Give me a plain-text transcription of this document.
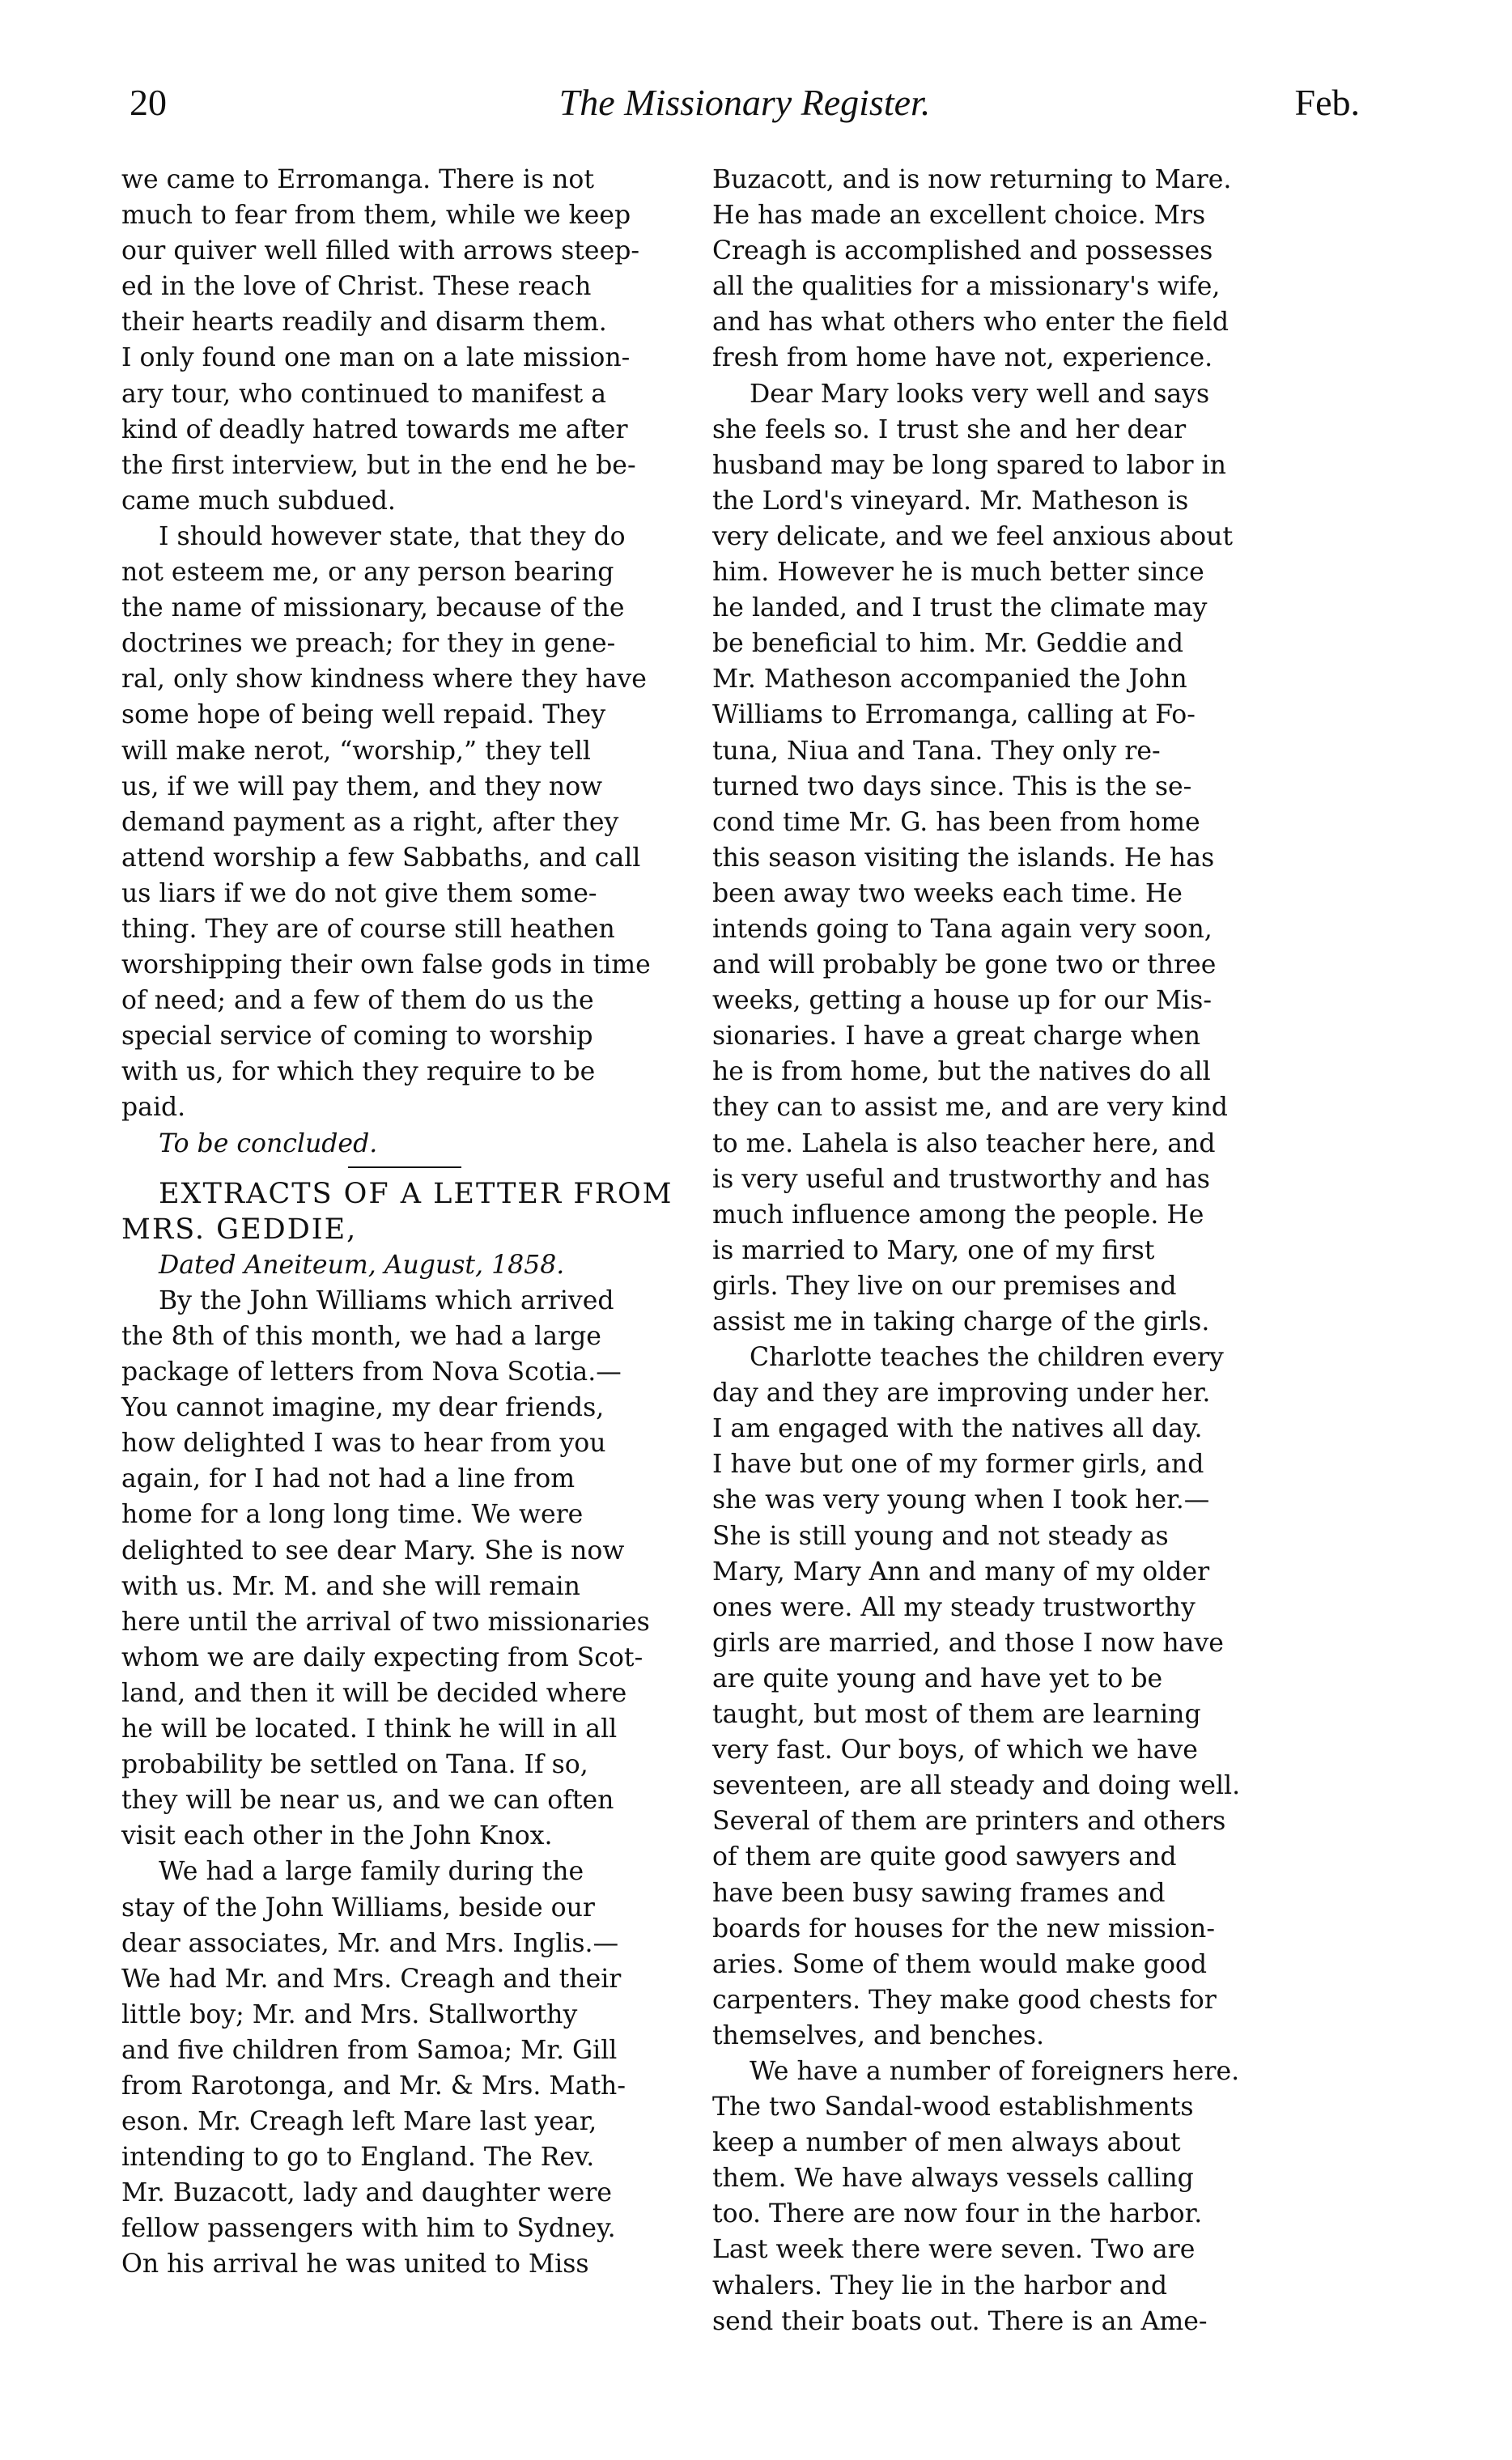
20	The Missionary Register.	Feb.

we came to Erromanga. There is not
much to fear from them, while we keep
our quiver well filled with arrows steep-
ed in the love of Christ. These reach
their hearts readily and disarm them.
I only found one man on a late mission-
ary tour, who continued to manifest a
kind of deadly hatred towards me after
the first interview, but in the end he be-
came much subdued.

I should however state, that they do
not esteem me, or any person bearing
the name of missionary, because of the
doctrines we preach; for they in gene-
ral, only show kindness where they have
some hope of being well repaid. They
will make nerot, “worship,” they tell
us, if we will pay them, and they now
demand payment as a right, after they
attend worship a few Sabbaths, and call
us liars if we do not give them some-
thing. They are of course still heathen
worshipping their own false gods in time
of need; and a few of them do us the
special service of coming to worship
with us, for which they require to be
paid.

To be concluded.

EXTRACTS OF A LETTER FROM
MRS. GEDDIE,

Dated Aneiteum, August, 1858.

By the John Williams which arrived
the 8th of this month, we had a large
package of letters from Nova Scotia.—
You cannot imagine, my dear friends,
how delighted I was to hear from you
again, for I had not had a line from
home for a long long time. We were
delighted to see dear Mary. She is now
with us. Mr. M. and she will remain
here until the arrival of two missionaries
whom we are daily expecting from Scot-
land, and then it will be decided where
he will be located. I think he will in all
probability be settled on Tana. If so,
they will be near us, and we can often
visit each other in the John Knox.

We had a large family during the
stay of the John Williams, beside our
dear associates, Mr. and Mrs. Inglis.—
We had Mr. and Mrs. Creagh and their
little boy; Mr. and Mrs. Stallworthy
and five children from Samoa; Mr. Gill
from Rarotonga, and Mr. & Mrs. Math-
eson. Mr. Creagh left Mare last year,
intending to go to England. The Rev.
Mr. Buzacott, lady and daughter were
fellow passengers with him to Sydney.
On his arrival he was united to Miss

Buzacott, and is now returning to Mare.
He has made an excellent choice. Mrs
Creagh is accomplished and possesses
all the qualities for a missionary's wife,
and has what others who enter the field
fresh from home have not, experience.

Dear Mary looks very well and says
she feels so. I trust she and her dear
husband may be long spared to labor in
the Lord's vineyard. Mr. Matheson is
very delicate, and we feel anxious about
him. However he is much better since
he landed, and I trust the climate may
be beneficial to him. Mr. Geddie and
Mr. Matheson accompanied the John
Williams to Erromanga, calling at Fo-
tuna, Niua and Tana. They only re-
turned two days since. This is the se-
cond time Mr. G. has been from home
this season visiting the islands. He has
been away two weeks each time. He
intends going to Tana again very soon,
and will probably be gone two or three
weeks, getting a house up for our Mis-
sionaries. I have a great charge when
he is from home, but the natives do all
they can to assist me, and are very kind
to me. Lahela is also teacher here, and
is very useful and trustworthy and has
much influence among the people. He
is married to Mary, one of my first
girls. They live on our premises and
assist me in taking charge of the girls.

Charlotte teaches the children every
day and they are improving under her.
I am engaged with the natives all day.
I have but one of my former girls, and
she was very young when I took her.—
She is still young and not steady as
Mary, Mary Ann and many of my older
ones were. All my steady trustworthy
girls are married, and those I now have
are quite young and have yet to be
taught, but most of them are learning
very fast. Our boys, of which we have
seventeen, are all steady and doing well.
Several of them are printers and others
of them are quite good sawyers and
have been busy sawing frames and
boards for houses for the new mission-
aries. Some of them would make good
carpenters. They make good chests for
themselves, and benches.

We have a number of foreigners here.
The two Sandal-wood establishments
keep a number of men always about
them. We have always vessels calling
too. There are now four in the harbor.
Last week there were seven. Two are
whalers. They lie in the harbor and
send their boats out. There is an Ame-
